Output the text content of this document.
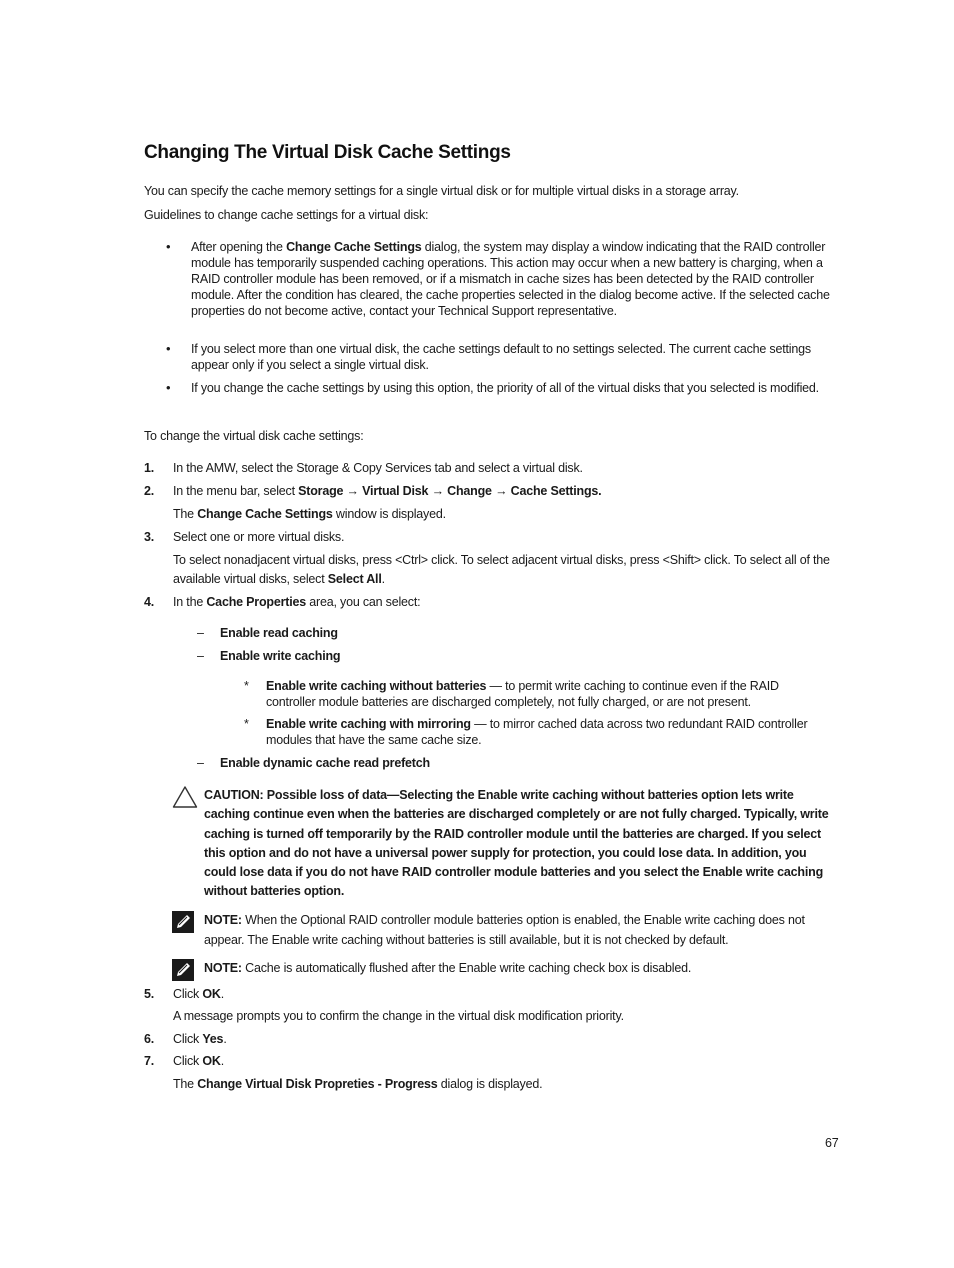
Changing The Virtual Disk Cache Settings
You can specify the cache memory settings for a single virtual disk or for multiple virtual disks in a storage array.
Guidelines to change cache settings for a virtual disk:
• After opening the Change Cache Settings dialog, the system may display a window indicating that the RAID controller module has temporarily suspended caching operations. This action may occur when a new battery is charging, when a RAID controller module has been removed, or if a mismatch in cache sizes has been detected by the RAID controller module. After the condition has cleared, the cache properties selected in the dialog become active. If the selected cache properties do not become active, contact your Technical Support representative.
• If you select more than one virtual disk, the cache settings default to no settings selected. The current cache settings appear only if you select a single virtual disk.
• If you change the cache settings by using this option, the priority of all of the virtual disks that you selected is modified.
To change the virtual disk cache settings:
1. In the AMW, select the Storage & Copy Services tab and select a virtual disk.
2. In the menu bar, select Storage → Virtual Disk → Change → Cache Settings.
The Change Cache Settings window is displayed.
3. Select one or more virtual disks.
To select nonadjacent virtual disks, press <Ctrl> click. To select adjacent virtual disks, press <Shift> click. To select all of the available virtual disks, select Select All.
4. In the Cache Properties area, you can select:
– Enable read caching
– Enable write caching
* Enable write caching without batteries — to permit write caching to continue even if the RAID controller module batteries are discharged completely, not fully charged, or are not present.
* Enable write caching with mirroring — to mirror cached data across two redundant RAID controller modules that have the same cache size.
– Enable dynamic cache read prefetch
CAUTION: Possible loss of data—Selecting the Enable write caching without batteries option lets write caching continue even when the batteries are discharged completely or are not fully charged. Typically, write caching is turned off temporarily by the RAID controller module until the batteries are charged. If you select this option and do not have a universal power supply for protection, you could lose data. In addition, you could lose data if you do not have RAID controller module batteries and you select the Enable write caching without batteries option.
NOTE: When the Optional RAID controller module batteries option is enabled, the Enable write caching does not appear. The Enable write caching without batteries is still available, but it is not checked by default.
NOTE: Cache is automatically flushed after the Enable write caching check box is disabled.
5. Click OK.
A message prompts you to confirm the change in the virtual disk modification priority.
6. Click Yes.
7. Click OK.
The Change Virtual Disk Propreties - Progress dialog is displayed.
67
